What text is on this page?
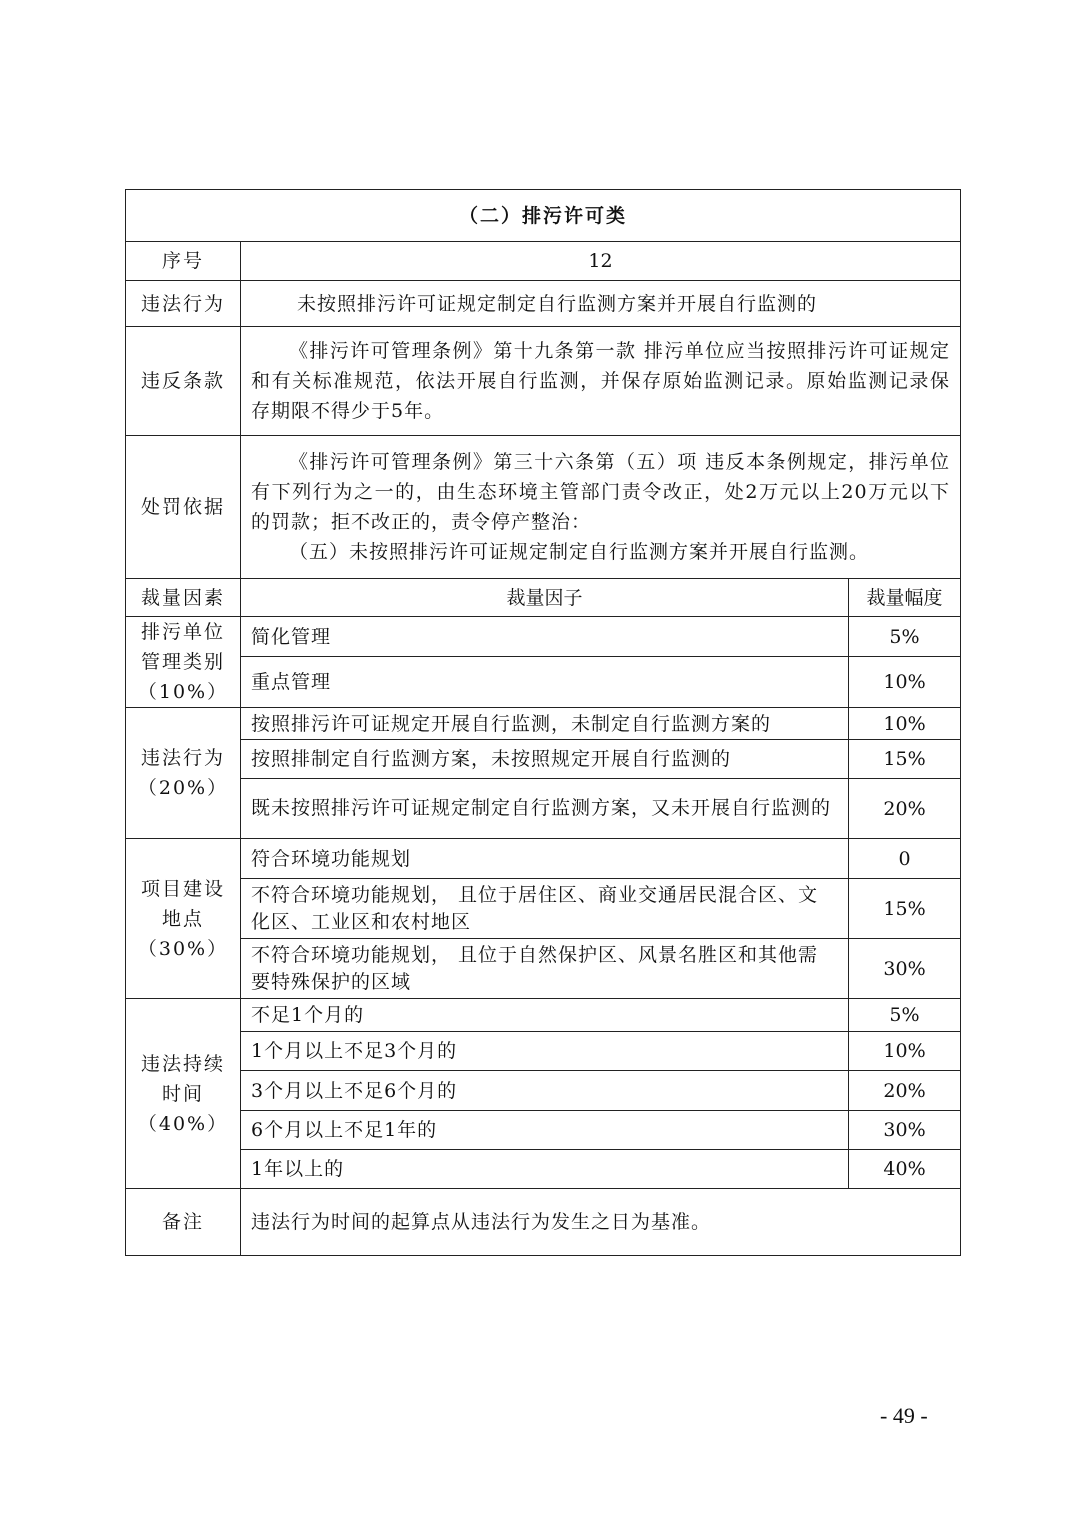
（二）排污许可类		
序号	12	
违法行为	未按照排污许可证规定制定自行监测方案并开展自行监测的	
违反条款	《排污许可管理条例》第十九条第一款 排污单位应当按照排污许可证规定和有关标准规范，依法开展自行监测，并保存原始监测记录。原始监测记录保存期限不得少于5年。	

处罚依据	《排污许可管理条例》第三十六条第（五）项 违反本条例规定，排污单位有下列行为之一的，由生态环境主管部门责令改正，处2万元以上20万元以下的罚款；拒不改正的，责令停产整治：
（五）未按照排污许可证规定制定自行监测方案并开展自行监测。	

裁量因素	裁量因子	裁量幅度
排污单位管理类别（10%）	简化管理	5%
	重点管理	10%
违法行为（20%）	按照排污许可证规定开展自行监测，未制定自行监测方案的	10%
	按照排制定自行监测方案，未按照规定开展自行监测的	15%
	既未按照排污许可证规定制定自行监测方案，又未开展自行监测的	20%
项目建设地点（30%）	符合环境功能规划	0
	不符合环境功能规划， 且位于居住区、商业交通居民混合区、文化区、工业区和农村地区	15%
	不符合环境功能规划， 且位于自然保护区、风景名胜区和其他需要特殊保护的区域	30%
违法持续时间（40%）	不足1个月的	5%
	1个月以上不足3个月的	10%
	3个月以上不足6个月的	20%
	6个月以上不足1年的	30%
	1年以上的	40%
备注	违法行为时间的起算点从违法行为发生之日为基准。	
- 49 -
